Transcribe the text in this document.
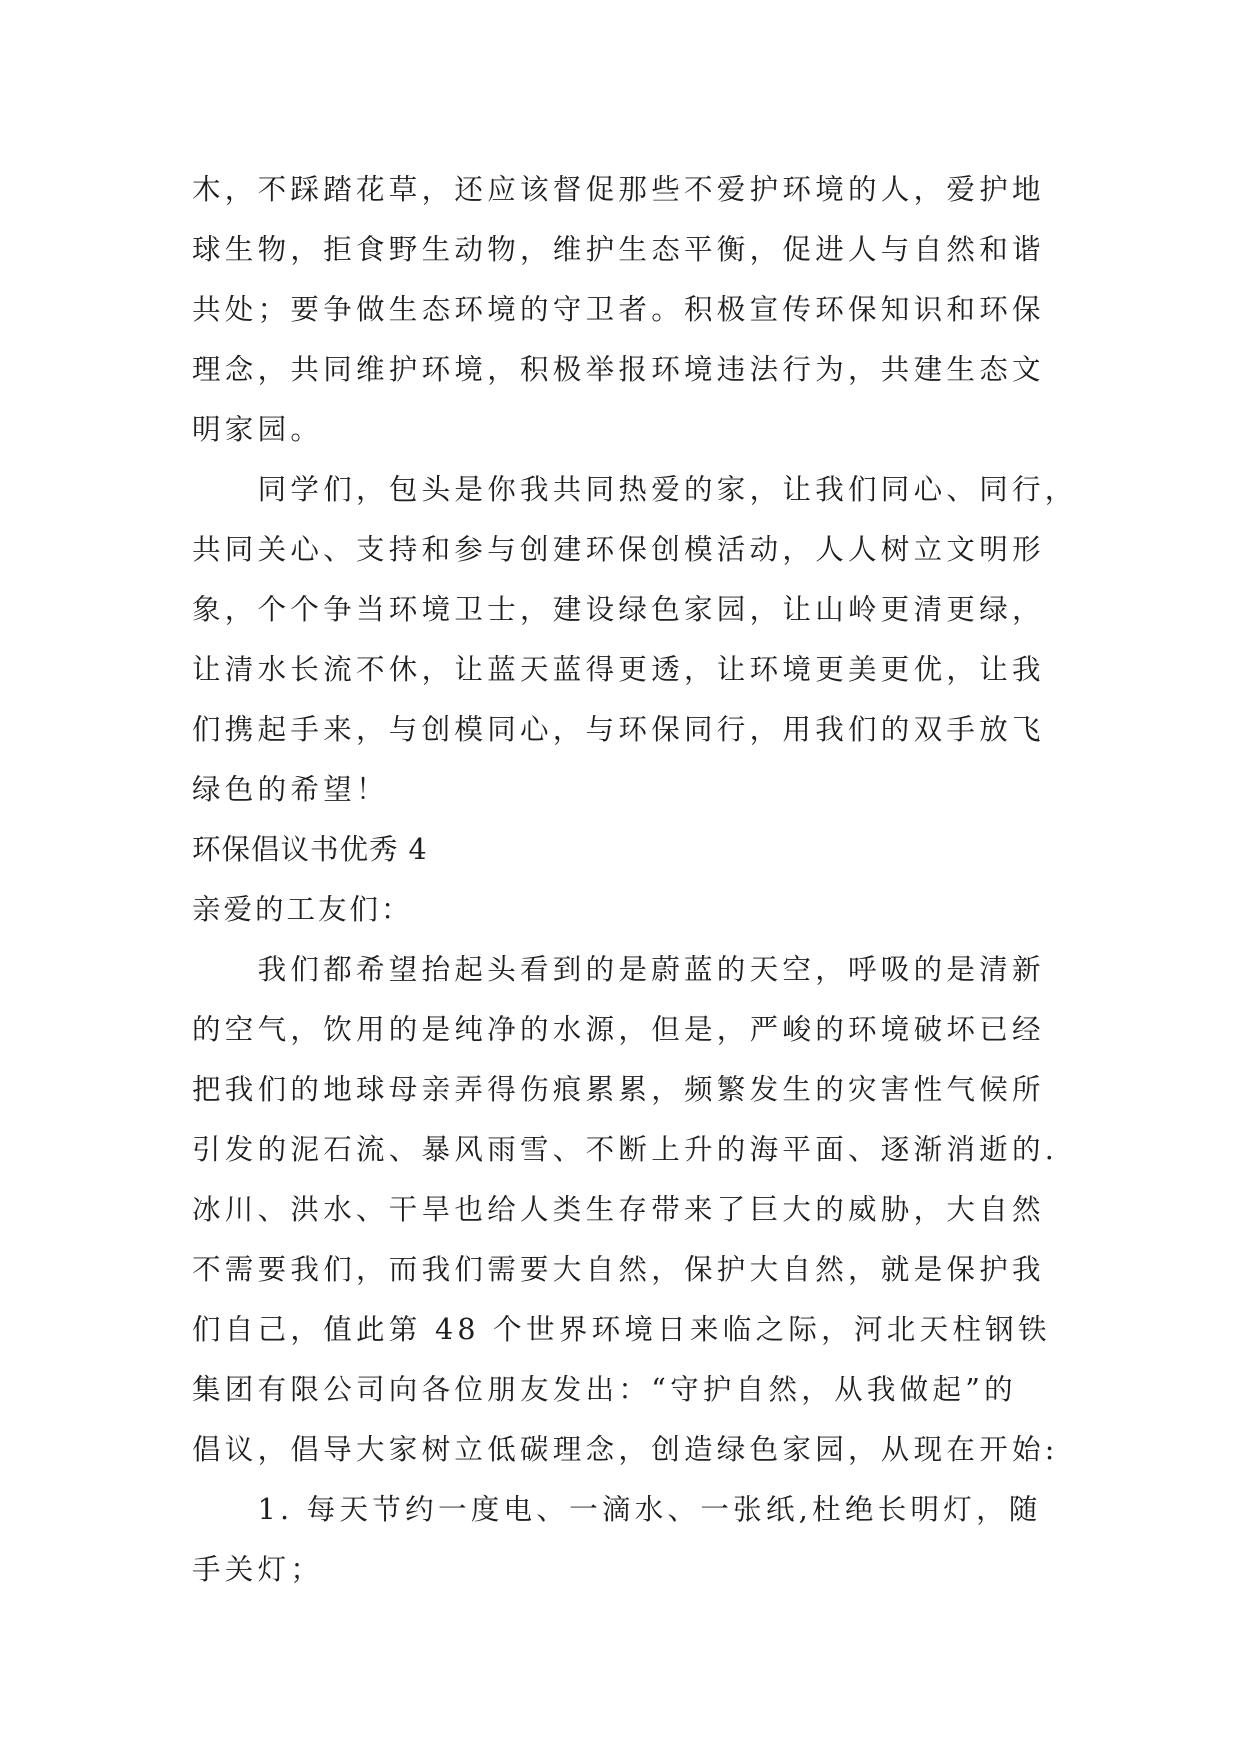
木，不踩踏花草，还应该督促那些不爱护环境的人，爱护地
球生物，拒食野生动物，维护生态平衡，促进人与自然和谐
共处；要争做生态环境的守卫者。积极宣传环保知识和环保
理念，共同维护环境，积极举报环境违法行为，共建生态文
明家园。
　　同学们，包头是你我共同热爱的家，让我们同心、同行，
共同关心、支持和参与创建环保创模活动，人人树立文明形
象，个个争当环境卫士，建设绿色家园，让山岭更清更绿，
让清水长流不休，让蓝天蓝得更透，让环境更美更优，让我
们携起手来，与创模同心，与环保同行，用我们的双手放飞
绿色的希望！
环保倡议书优秀 4
亲爱的工友们：
　　我们都希望抬起头看到的是蔚蓝的天空，呼吸的是清新
的空气，饮用的是纯净的水源，但是，严峻的环境破坏已经
把我们的地球母亲弄得伤痕累累，频繁发生的灾害性气候所
引发的泥石流、暴风雨雪、不断上升的海平面、逐渐消逝的.
冰川、洪水、干旱也给人类生存带来了巨大的威胁，大自然
不需要我们，而我们需要大自然，保护大自然，就是保护我
们自己，值此第 48 个世界环境日来临之际，河北天柱钢铁
集团有限公司向各位朋友发出：“守护自然，从我做起”的
倡议，倡导大家树立低碳理念，创造绿色家园，从现在开始:
　　1. 每天节约一度电、一滴水、一张纸,杜绝长明灯，随
手关灯；
